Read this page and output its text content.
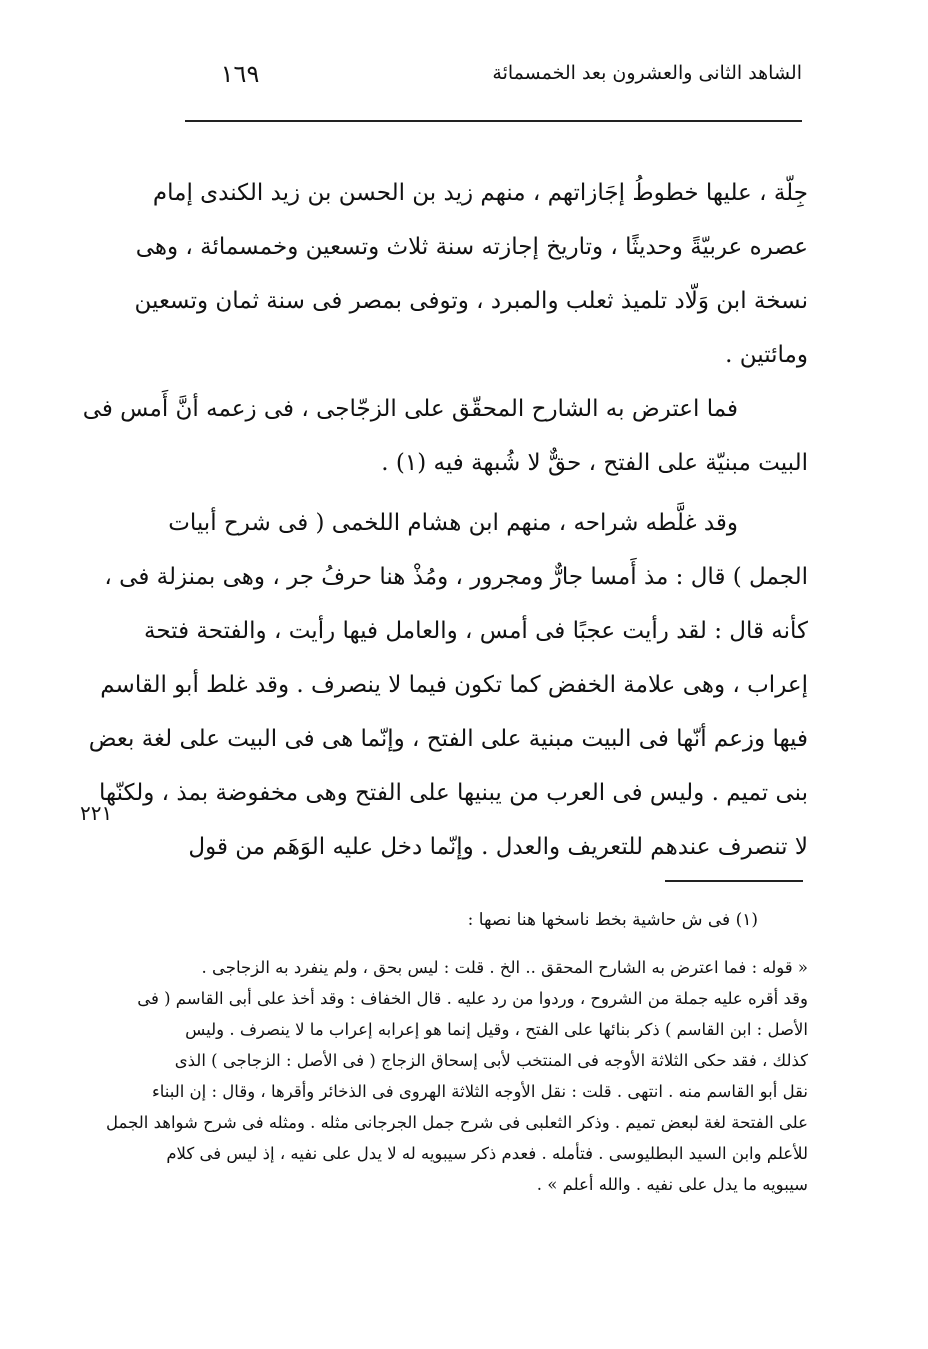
الشاهد الثانى والعشرون بعد الخمسمائة
١٦٩
جِلّة ، عليها خطوطُ إجَازاتهم ، منهم زيد بن الحسن بن زيد الكندى إمام
عصره عربيّةً وحديثًا ، وتاريخ إجازته سنة ثلاث وتسعين وخمسمائة ، وهى
نسخة ابن وَلّاد تلميذ ثعلب والمبرد ، وتوفى بمصر فى سنة ثمان وتسعين
ومائتين .
فما اعترض به الشارح المحقّق على الزجّاجى ، فى زعمه أنَّ أَمس فى
البيت مبنيّة على الفتح ، حقٌّ لا شُبهة فيه (١) .
وقد غلَّطه شراحه ، منهم ابن هشام اللخمى ( فى شرح أبيات
الجمل ) قال : مذ أَمسا جارٌّ ومجرور ، ومُذْ هنا حرفُ جر ، وهى بمنزلة فى ،
كأنه قال : لقد رأيت عجبًا فى أمس ، والعامل فيها رأيت ، والفتحة فتحة
إعراب ، وهى علامة الخفض كما تكون فيما لا ينصرف . وقد غلط أبو القاسم
فيها وزعم أنّها فى البيت مبنية على الفتح ، وإنّما هى فى البيت على لغة بعض
بنى تميم . وليس فى العرب من يبنيها على الفتح وهى مخفوضة بمذ ، ولكنّها
لا تنصرف عندهم للتعريف والعدل . وإنّما دخل عليه الوَهَم من قول
٢٢١
(١) فى ش حاشية بخط ناسخها هنا نصها :
« قوله : فما اعترض به الشارح المحقق .. الخ . قلت : ليس بحق ، ولم ينفرد به الزجاجى .
وقد أقره عليه جملة من الشروح ، وردوا من رد عليه . قال الخفاف : وقد أخذ على أبى القاسم ( فى
الأصل : ابن القاسم ) ذكر بنائها على الفتح ، وقيل إنما هو إعرابه إعراب ما لا ينصرف . وليس
كذلك ، فقد حكى الثلاثة الأوجه فى المنتخب لأبى إسحاق الزجاج ( فى الأصل : الزجاجى ) الذى
نقل أبو القاسم منه . انتهى . قلت : نقل الأوجه الثلاثة الهروى فى الذخائر وأقرها ، وقال : إن البناء
على الفتحة لغة لبعض تميم . وذكر الثعلبى فى شرح جمل الجرجانى مثله . ومثله فى شرح شواهد الجمل
للأعلم وابن السيد البطليوسى . فتأمله . فعدم ذكر سيبويه له لا يدل على نفيه ، إذ ليس فى كلام
سيبويه ما يدل على نفيه . والله أعلم » .
